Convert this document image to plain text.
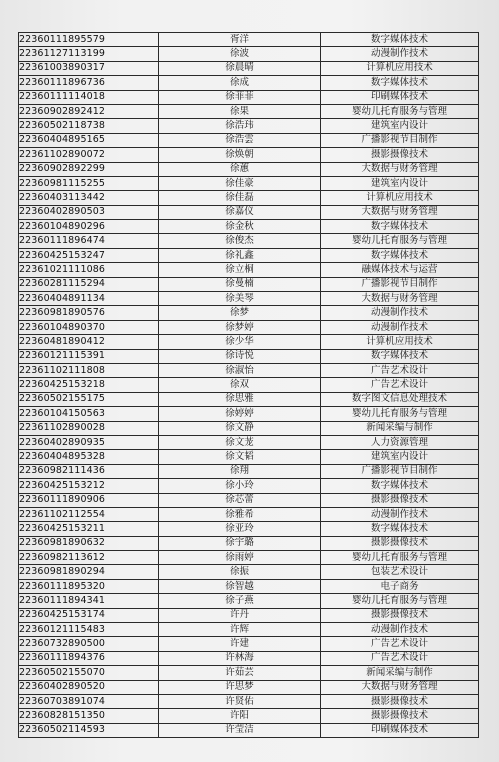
22360111895579	胥洋	数字媒体技术
22361127113199	徐波	动漫制作技术
22361003890317	徐晨晴	计算机应用技术
22360111896736	徐成	数字媒体技术
22360111114018	徐菲菲	印刷媒体技术
22360902892412	徐果	婴幼儿托育服务与管理
22360502118738	徐浩玮	建筑室内设计
22360404895165	徐浩雲	广播影视节目制作
22361102890072	徐焕朝	摄影摄像技术
22360902892299	徐蕙	大数据与财务管理
22360981115255	徐佳豪	建筑室内设计
22360403113442	徐佳磊	计算机应用技术
22360402890503	徐嘉仪	大数据与财务管理
22360104890296	徐金秋	数字媒体技术
22360111896474	徐俊杰	婴幼儿托育服务与管理
22360425153247	徐礼鑫	数字媒体技术
22361021111086	徐立桐	融媒体技术与运营
22360281115294	徐曼楠	广播影视节目制作
22360404891134	徐美琴	大数据与财务管理
22360981890576	徐梦	动漫制作技术
22360104890370	徐梦婷	动漫制作技术
22360481890412	徐少华	计算机应用技术
22360121115391	徐诗悦	数字媒体技术
22361102111808	徐淑怡	广告艺术设计
22360425153218	徐双	广告艺术设计
22360502155175	徐思雅	数字图文信息处理技术
22360104150563	徐婷婷	婴幼儿托育服务与管理
22361102890028	徐文静	新闻采编与制作
22360402890935	徐文茏	人力资源管理
22360404895328	徐文韬	建筑室内设计
22360982111436	徐翔	广播影视节目制作
22360425153212	徐小玲	数字媒体技术
22360111890906	徐芯蕾	摄影摄像技术
22361102112554	徐雅希	动漫制作技术
22360425153211	徐亚玲	数字媒体技术
22360981890632	徐宇璐	摄影摄像技术
22360982113612	徐雨婷	婴幼儿托育服务与管理
22360981890294	徐振	包装艺术设计
22360111895320	徐智越	电子商务
22360111894341	徐子燕	婴幼儿托育服务与管理
22360425153174	许丹	摄影摄像技术
22360121115483	许辉	动漫制作技术
22360732890500	许建	广告艺术设计
22360111894376	许林海	广告艺术设计
22360502155070	许茹芸	新闻采编与制作
22360402890520	许思梦	大数据与财务管理
22360703891074	许贤佑	摄影摄像技术
22360828151350	许阳	摄影摄像技术
22360502114593	许莹洁	印刷媒体技术
